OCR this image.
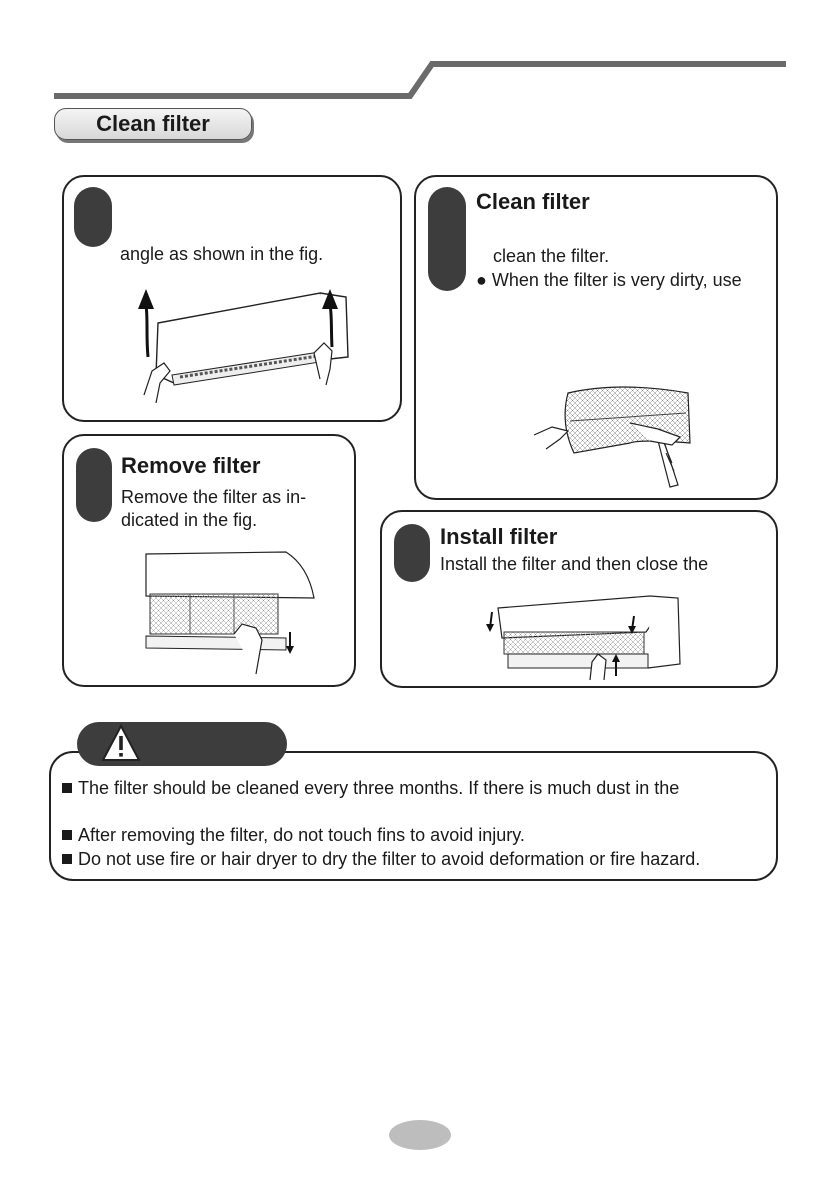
Clean filter
angle as shown in the fig.
Clean filter
clean the filter.
● When the filter is very dirty, use
Remove filter
Remove the filter as in-
dicated in the fig.
Install filter
Install the filter and then close the
The filter should be cleaned every three months. If there is much dust in the
After removing the filter, do not touch fins to avoid injury.
Do not use fire or hair dryer to dry the filter to avoid deformation or fire hazard.
